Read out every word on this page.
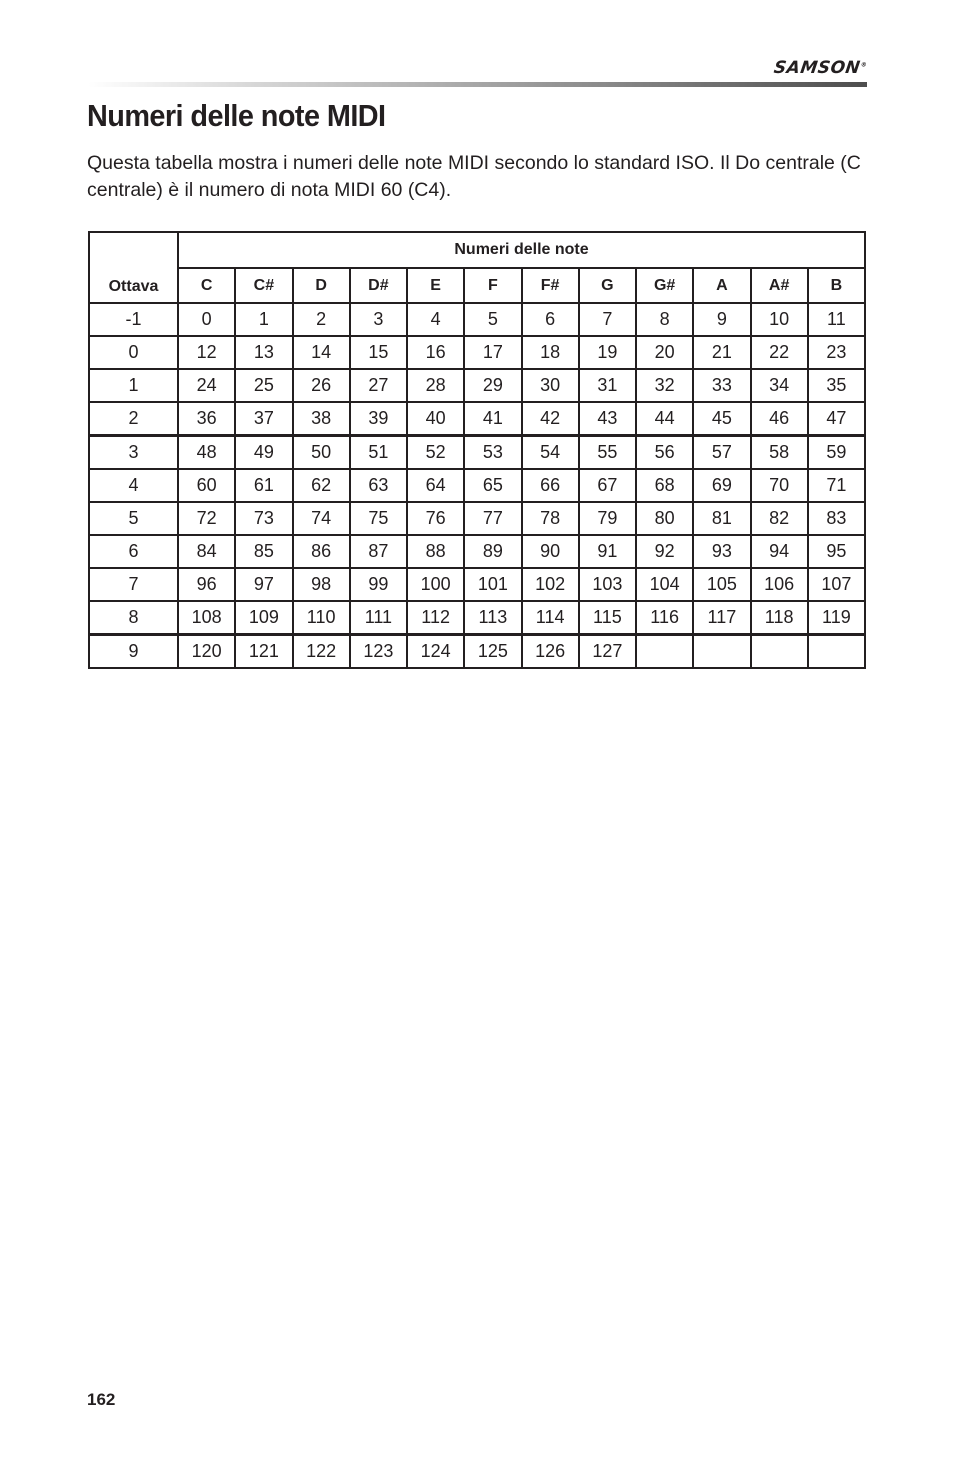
SAMSON®
Numeri delle note MIDI

Questa tabella mostra i numeri delle note MIDI secondo lo standard ISO. Il Do centrale (C centrale) è il numero di nota MIDI 60 (C4).

Ottava	Numeri delle note											
	C	C#	D	D#	E	F	F#	G	G#	A	A#	B
-1	0	1	2	3	4	5	6	7	8	9	10	11
0	12	13	14	15	16	17	18	19	20	21	22	23
1	24	25	26	27	28	29	30	31	32	33	34	35
2	36	37	38	39	40	41	42	43	44	45	46	47
3	48	49	50	51	52	53	54	55	56	57	58	59
4	60	61	62	63	64	65	66	67	68	69	70	71
5	72	73	74	75	76	77	78	79	80	81	82	83
6	84	85	86	87	88	89	90	91	92	93	94	95
7	96	97	98	99	100	101	102	103	104	105	106	107
8	108	109	110	111	112	113	114	115	116	117	118	119
9	120	121	122	123	124	125	126	127				
162
